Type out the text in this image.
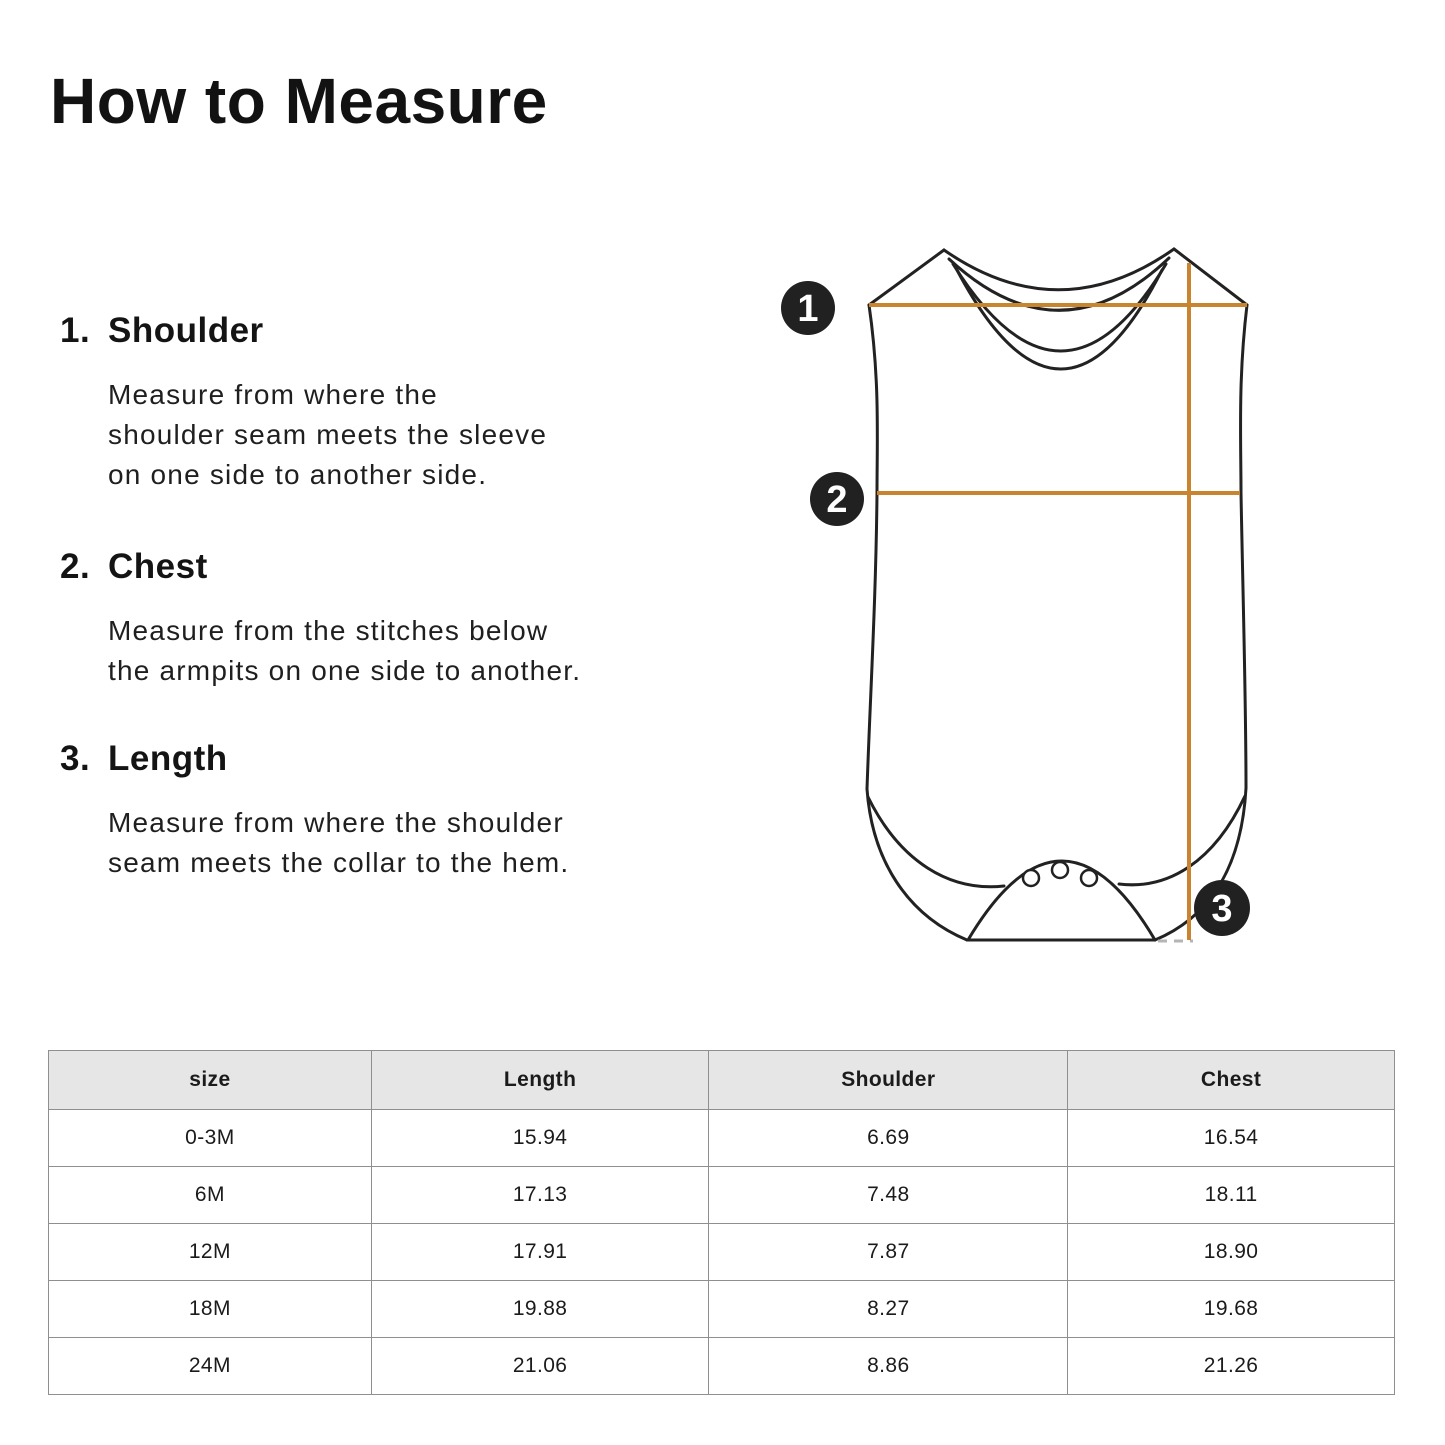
How to Measure
1. Shoulder
Measure from where the
shoulder seam meets the sleeve
on one side to another side.
2. Chest
Measure from the stitches below
the armpits on one side to another.
3. Length
Measure from where the shoulder
seam meets the collar to the hem.
1
2
3
size	Length	Shoulder	Chest
0-3M	15.94	6.69	16.54
6M	17.13	7.48	18.11
12M	17.91	7.87	18.90
18M	19.88	8.27	19.68
24M	21.06	8.86	21.26
